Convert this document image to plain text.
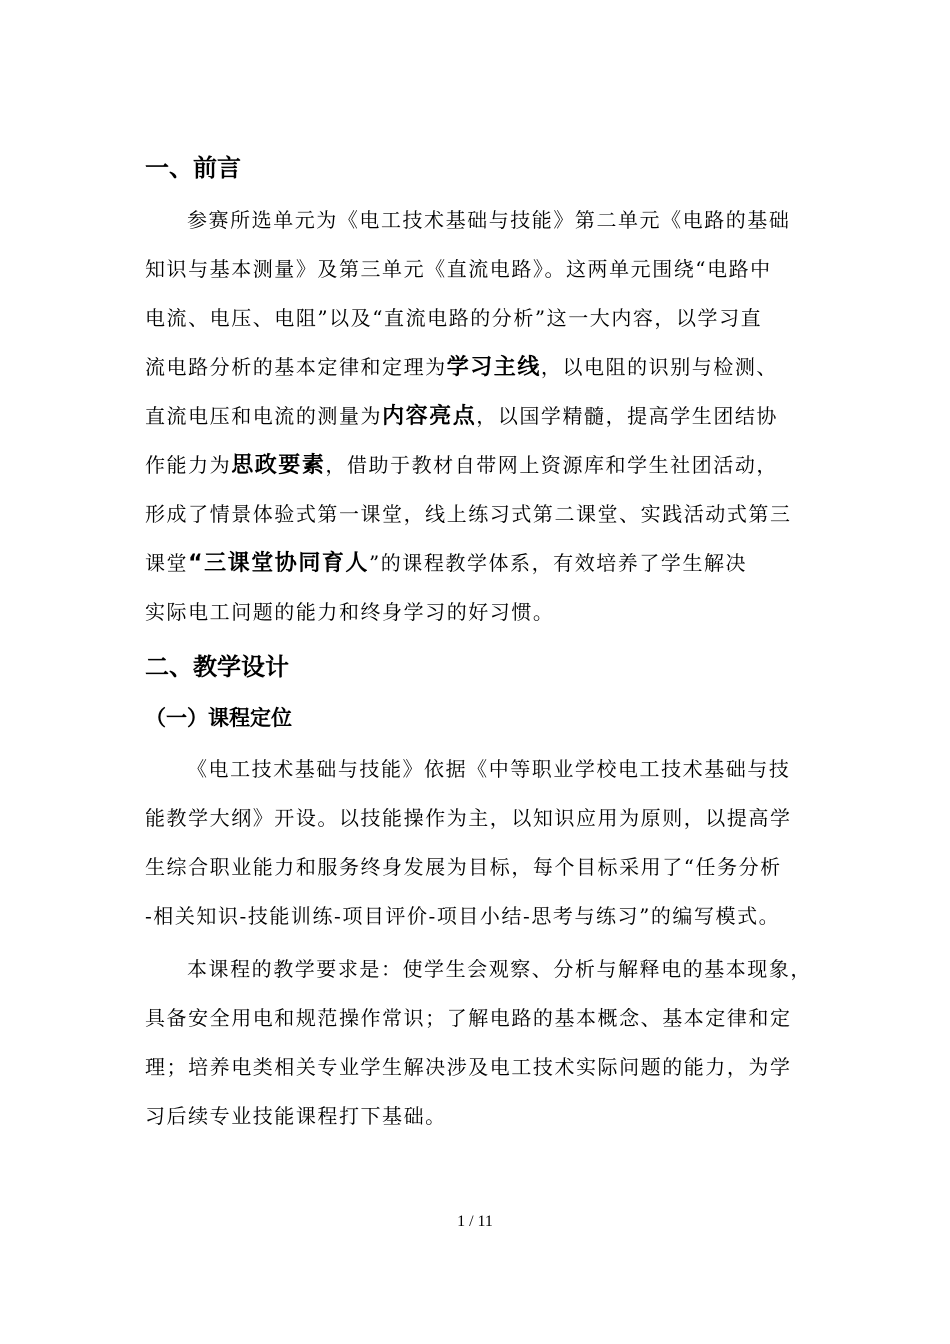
一、前言
参赛所选单元为《电工技术基础与技能》第二单元《电路的基础
知识与基本测量》及第三单元《直流电路》。这两单元围绕“电路中
电流、电压、电阻”以及“直流电路的分析”这一大内容，以学习直
流电路分析的基本定律和定理为学习主线，以电阻的识别与检测、
直流电压和电流的测量为内容亮点，以国学精髓，提高学生团结协
作能力为思政要素，借助于教材自带网上资源库和学生社团活动，
形成了情景体验式第一课堂，线上练习式第二课堂、实践活动式第三
课堂“三课堂协同育人”的课程教学体系，有效培养了学生解决
实际电工问题的能力和终身学习的好习惯。
二、教学设计
（一）课程定位
《电工技术基础与技能》依据《中等职业学校电工技术基础与技
能教学大纲》开设。以技能操作为主，以知识应用为原则，以提高学
生综合职业能力和服务终身发展为目标，每个目标采用了“任务分析
-相关知识-技能训练-项目评价-项目小结-思考与练习”的编写模式。
本课程的教学要求是：使学生会观察、分析与解释电的基本现象，
具备安全用电和规范操作常识；了解电路的基本概念、基本定律和定
理；培养电类相关专业学生解决涉及电工技术实际问题的能力，为学
习后续专业技能课程打下基础。
1 / 11
